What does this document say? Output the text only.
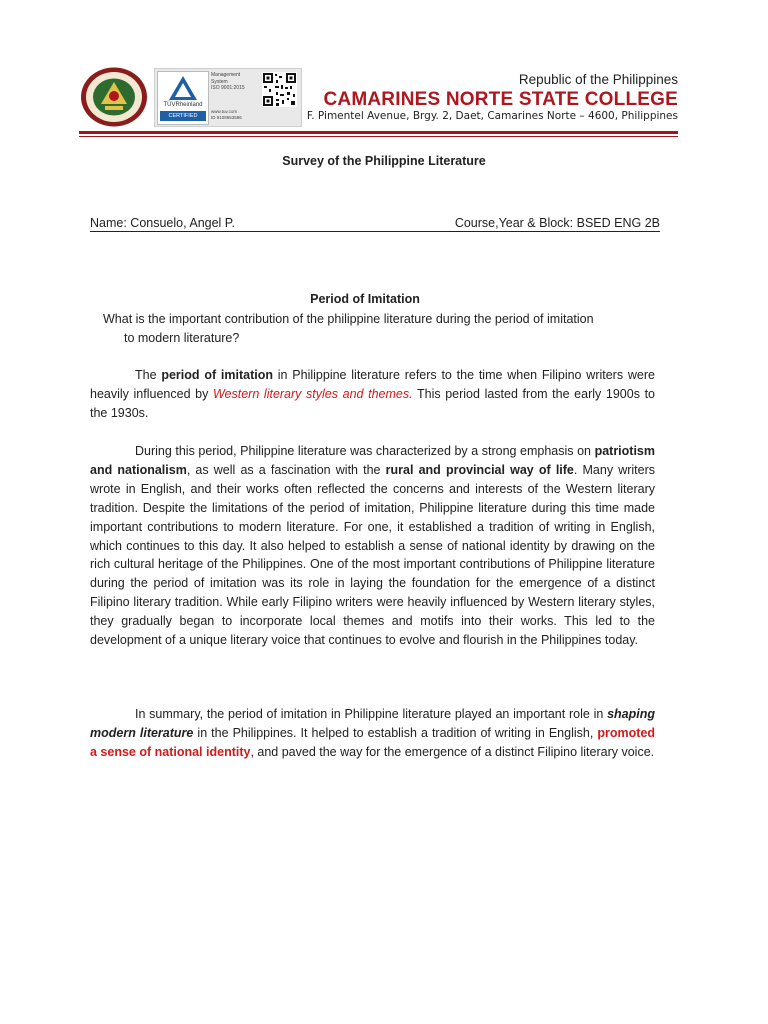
TÜVRheinland
CERTIFIED
Management
System
ISO 9001:2015
www.tuv.com
ID 9108653586
Republic of the Philippines
CAMARINES NORTE STATE COLLEGE
F. Pimentel Avenue, Brgy. 2, Daet, Camarines Norte – 4600, Philippines
Survey of the Philippine Literature
Name: Consuelo, Angel P.	Course,Year & Block: BSED ENG 2B
Period of Imitation
What is the important contribution of the philippine literature during the period of imitation
to modern literature?
The period of imitation in Philippine literature refers to the time when Filipino writers were heavily influenced by Western literary styles and themes. This period lasted from the early 1900s to the 1930s.
During this period, Philippine literature was characterized by a strong emphasis on patriotism and nationalism, as well as a fascination with the rural and provincial way of life. Many writers wrote in English, and their works often reflected the concerns and interests of the Western literary tradition. Despite the limitations of the period of imitation, Philippine literature during this time made important contributions to modern literature. For one, it established a tradition of writing in English, which continues to this day. It also helped to establish a sense of national identity by drawing on the rich cultural heritage of the Philippines. One of the most important contributions of Philippine literature during the period of imitation was its role in laying the foundation for the emergence of a distinct Filipino literary tradition. While early Filipino writers were heavily influenced by Western literary styles, they gradually began to incorporate local themes and motifs into their works. This led to the development of a unique literary voice that continues to evolve and flourish in the Philippines today.
In summary, the period of imitation in Philippine literature played an important role in shaping modern literature in the Philippines. It helped to establish a tradition of writing in English, promoted a sense of national identity, and paved the way for the emergence of a distinct Filipino literary voice.
